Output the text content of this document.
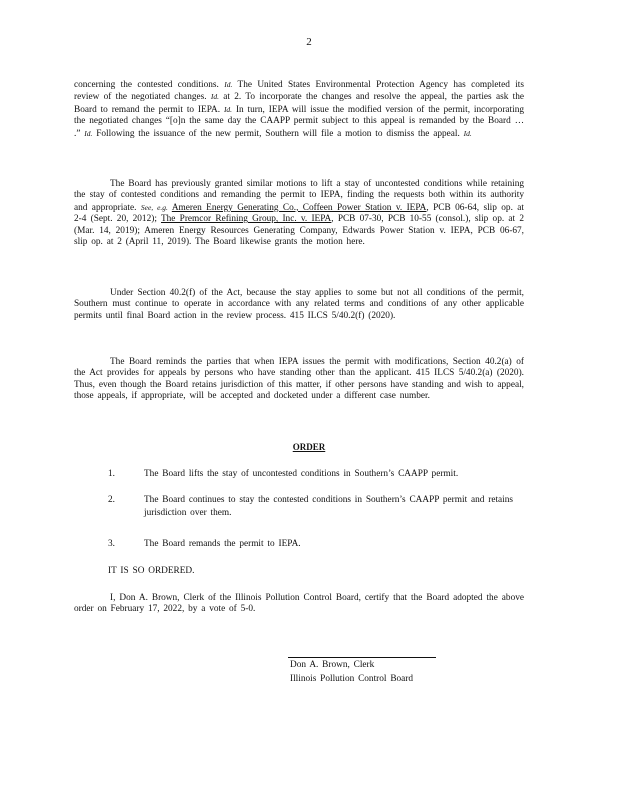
2
concerning the contested conditions. Id. The United States Environmental Protection Agency has completed its review of the negotiated changes. Id. at 2. To incorporate the changes and resolve the appeal, the parties ask the Board to remand the permit to IEPA. Id. In turn, IEPA will issue the modified version of the permit, incorporating the negotiated changes “[o]n the same day the CAAPP permit subject to this appeal is remanded by the Board … .” Id. Following the issuance of the new permit, Southern will file a motion to dismiss the appeal. Id.
The Board has previously granted similar motions to lift a stay of uncontested conditions while retaining the stay of contested conditions and remanding the permit to IEPA, finding the requests both within its authority and appropriate. See, e.g. Ameren Energy Generating Co., Coffeen Power Station v. IEPA, PCB 06-64, slip op. at 2-4 (Sept. 20, 2012); The Premcor Refining Group, Inc. v. IEPA, PCB 07-30, PCB 10-55 (consol.), slip op. at 2 (Mar. 14, 2019); Ameren Energy Resources Generating Company, Edwards Power Station v. IEPA, PCB 06-67, slip op. at 2 (April 11, 2019). The Board likewise grants the motion here.
Under Section 40.2(f) of the Act, because the stay applies to some but not all conditions of the permit, Southern must continue to operate in accordance with any related terms and conditions of any other applicable permits until final Board action in the review process. 415 ILCS 5/40.2(f) (2020).
The Board reminds the parties that when IEPA issues the permit with modifications, Section 40.2(a) of the Act provides for appeals by persons who have standing other than the applicant. 415 ILCS 5/40.2(a) (2020). Thus, even though the Board retains jurisdiction of this matter, if other persons have standing and wish to appeal, those appeals, if appropriate, will be accepted and docketed under a different case number.
ORDER
1.	The Board lifts the stay of uncontested conditions in Southern’s CAAPP permit.
2.	The Board continues to stay the contested conditions in Southern’s CAAPP permit and retains jurisdiction over them.
3.	The Board remands the permit to IEPA.
IT IS SO ORDERED.
I, Don A. Brown, Clerk of the Illinois Pollution Control Board, certify that the Board adopted the above order on February 17, 2022, by a vote of 5-0.
Don A. Brown, Clerk
Illinois Pollution Control Board
